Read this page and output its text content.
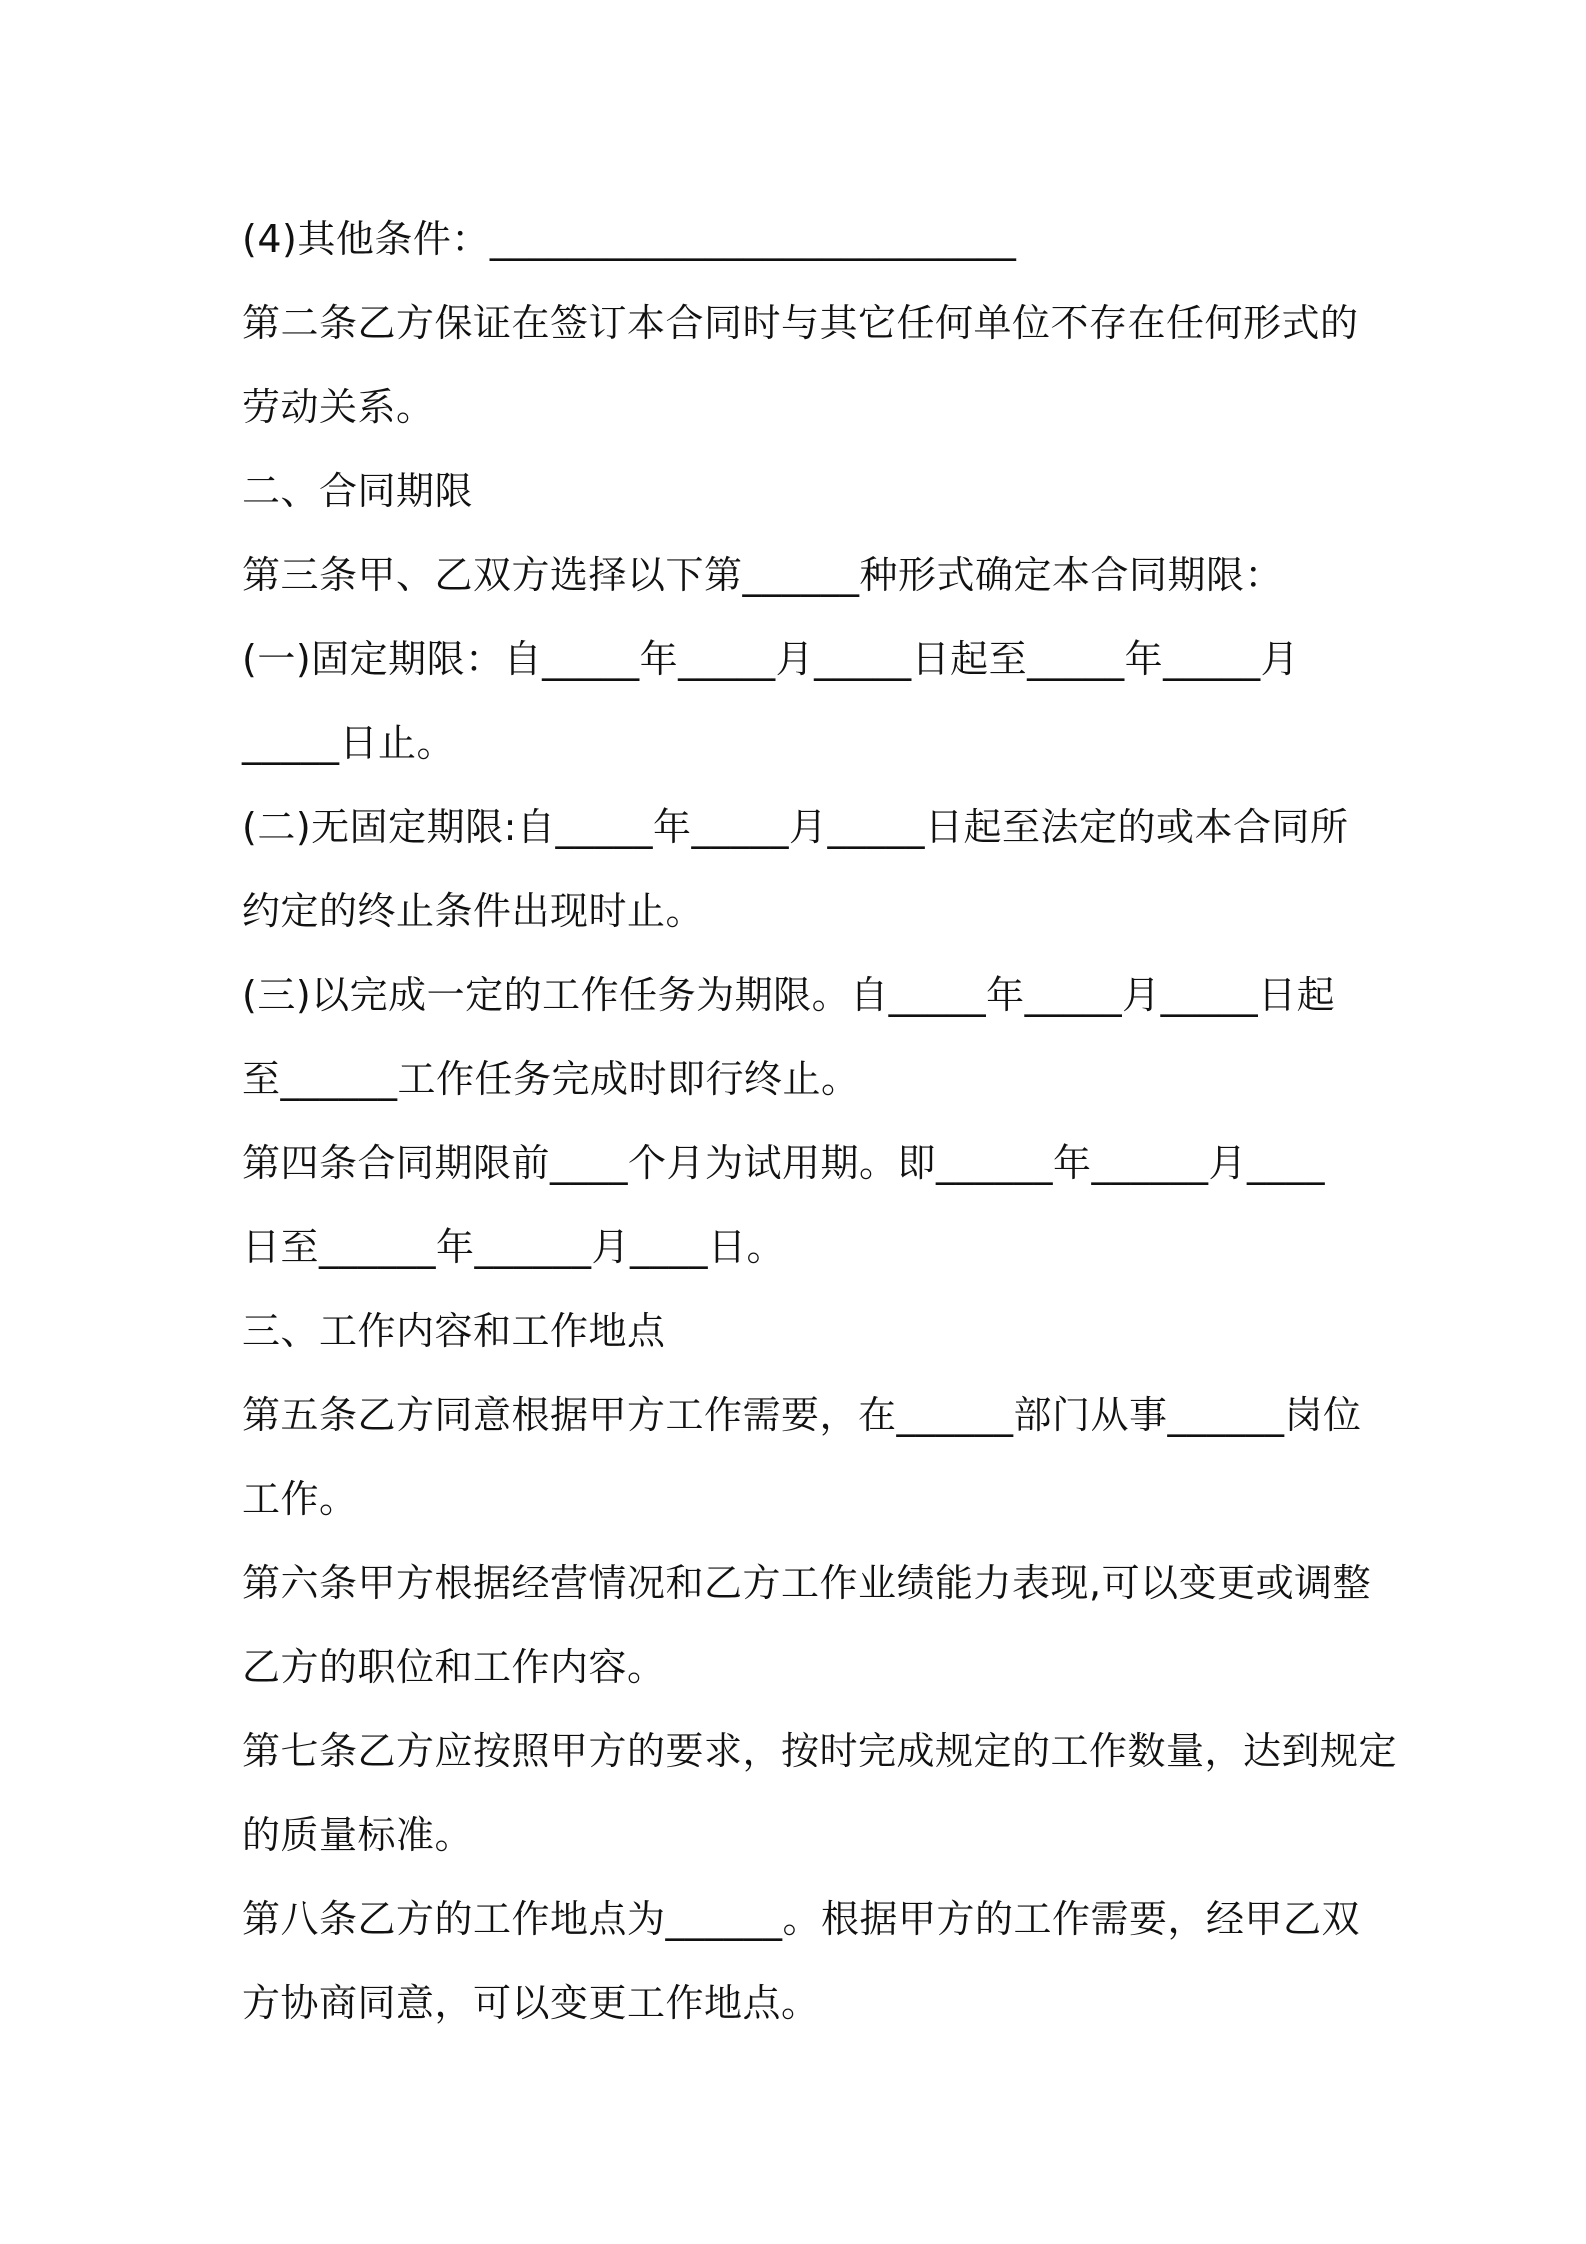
(4)其他条件：___________________________
第二条乙方保证在签订本合同时与其它任何单位不存在任何形式的
劳动关系。
二、合同期限
第三条甲、乙双方选择以下第______种形式确定本合同期限：
(一)固定期限：自_____年_____月_____日起至_____年_____月
_____日止。
(二)无固定期限:自_____年_____月_____日起至法定的或本合同所
约定的终止条件出现时止。
(三)以完成一定的工作任务为期限。自_____年_____月_____日起
至______工作任务完成时即行终止。
第四条合同期限前____个月为试用期。即______年______月____
日至______年______月____日。
三、工作内容和工作地点
第五条乙方同意根据甲方工作需要，在______部门从事______岗位
工作。
第六条甲方根据经营情况和乙方工作业绩能力表现,可以变更或调整
乙方的职位和工作内容。
第七条乙方应按照甲方的要求，按时完成规定的工作数量，达到规定
的质量标准。
第八条乙方的工作地点为______。根据甲方的工作需要，经甲乙双
方协商同意，可以变更工作地点。
